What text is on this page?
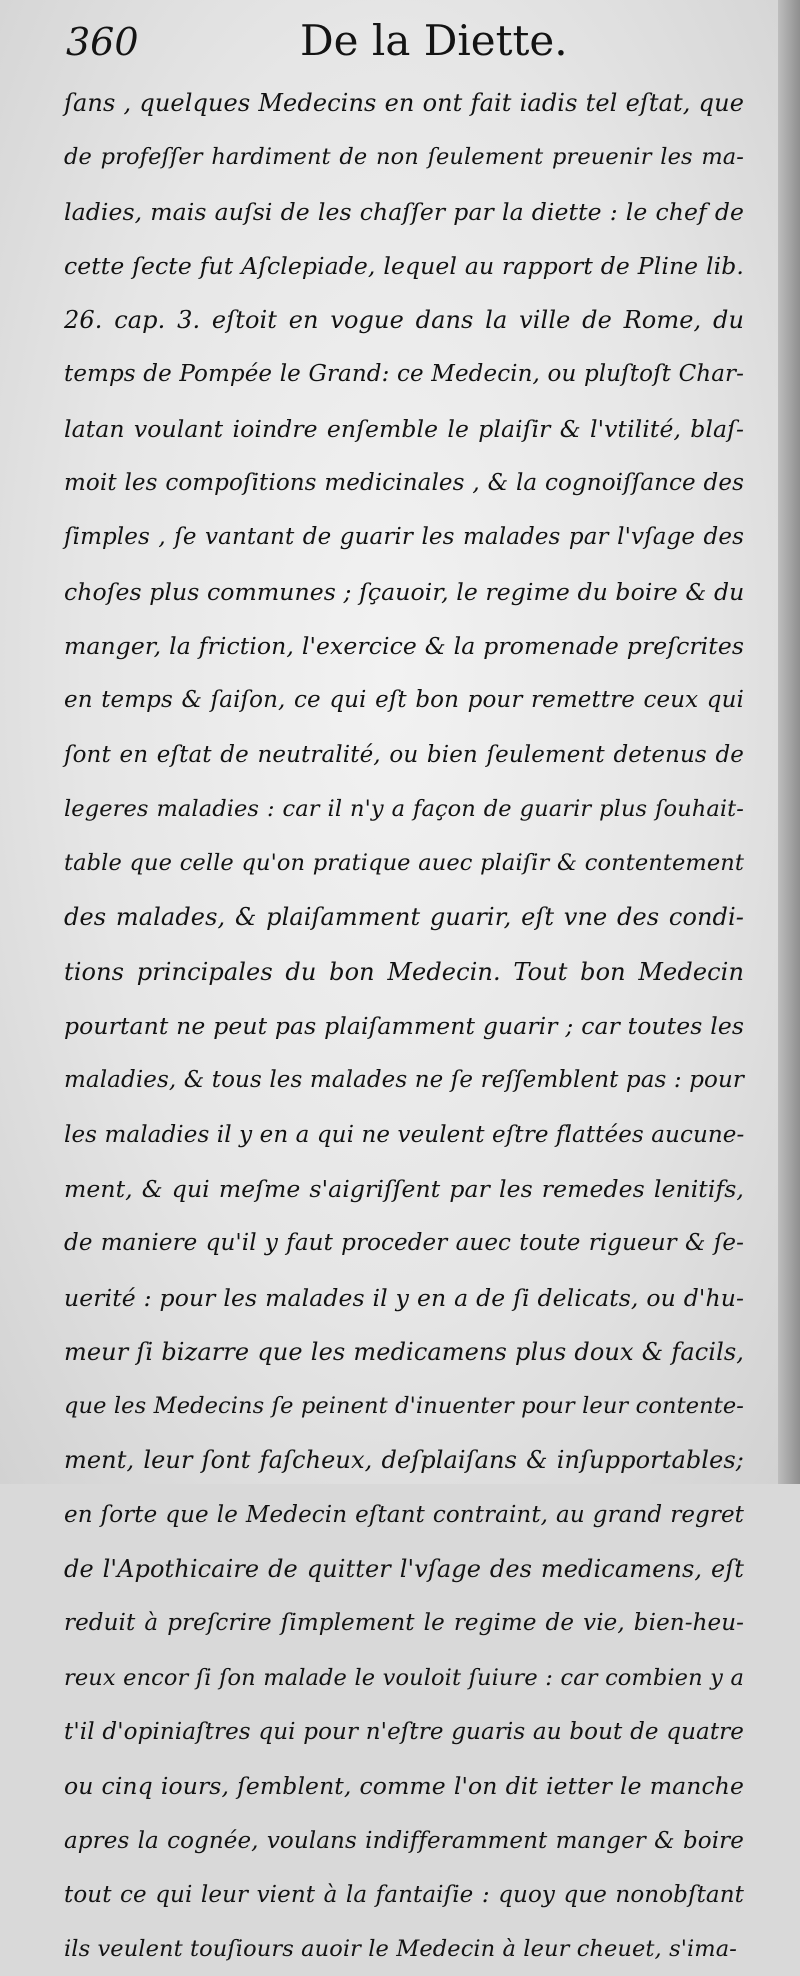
360	De la Diette.
ſans , quelques Medecins en ont fait iadis tel eſtat, que
de profeſſer hardiment de non ſeulement preuenir les ma-
ladies, mais auſsi de les chaſſer par la diette : le chef de
cette ſecte fut Aſclepiade, lequel au rapport de Pline lib.
26. cap. 3. eſtoit en vogue dans la ville de Rome, du
temps de Pompée le Grand: ce Medecin, ou pluſtoſt Char-
latan voulant ioindre enſemble le plaiſir & l'vtilité, blaſ-
moit les compoſitions medicinales , & la cognoiſſance des
ſimples , ſe vantant de guarir les malades par l'vſage des
choſes plus communes ; ſçauoir, le regime du boire & du
manger, la friction, l'exercice & la promenade preſcrites
en temps & ſaiſon, ce qui eſt bon pour remettre ceux qui
ſont en eſtat de neutralité, ou bien ſeulement detenus de
legeres maladies : car il n'y a façon de guarir plus ſouhait-
table que celle qu'on pratique auec plaiſir & contentement
des malades, & plaiſamment guarir, eſt vne des condi-
tions principales du bon Medecin. Tout bon Medecin
pourtant ne peut pas plaiſamment guarir ; car toutes les
maladies, & tous les malades ne ſe reſſemblent pas : pour
les maladies il y en a qui ne veulent eſtre flattées aucune-
ment, & qui meſme s'aigriſſent par les remedes lenitifs,
de maniere qu'il y faut proceder auec toute rigueur & ſe-
uerité : pour les malades il y en a de ſi delicats, ou d'hu-
meur ſi bizarre que les medicamens plus doux & facils,
que les Medecins ſe peinent d'inuenter pour leur contente-
ment, leur ſont faſcheux, deſplaiſans & inſupportables;
en ſorte que le Medecin eſtant contraint, au grand regret
de l'Apothicaire de quitter l'vſage des medicamens, eſt
reduit à preſcrire ſimplement le regime de vie, bien-heu-
reux encor ſi ſon malade le vouloit ſuiure : car combien y a
t'il d'opiniaſtres qui pour n'eſtre guaris au bout de quatre
ou cinq iours, ſemblent, comme l'on dit ietter le manche
apres la cognée, voulans indifferamment manger & boire
tout ce qui leur vient à la fantaiſie : quoy que nonobſtant
ils veulent touſiours auoir le Medecin à leur cheuet, s'ima-
